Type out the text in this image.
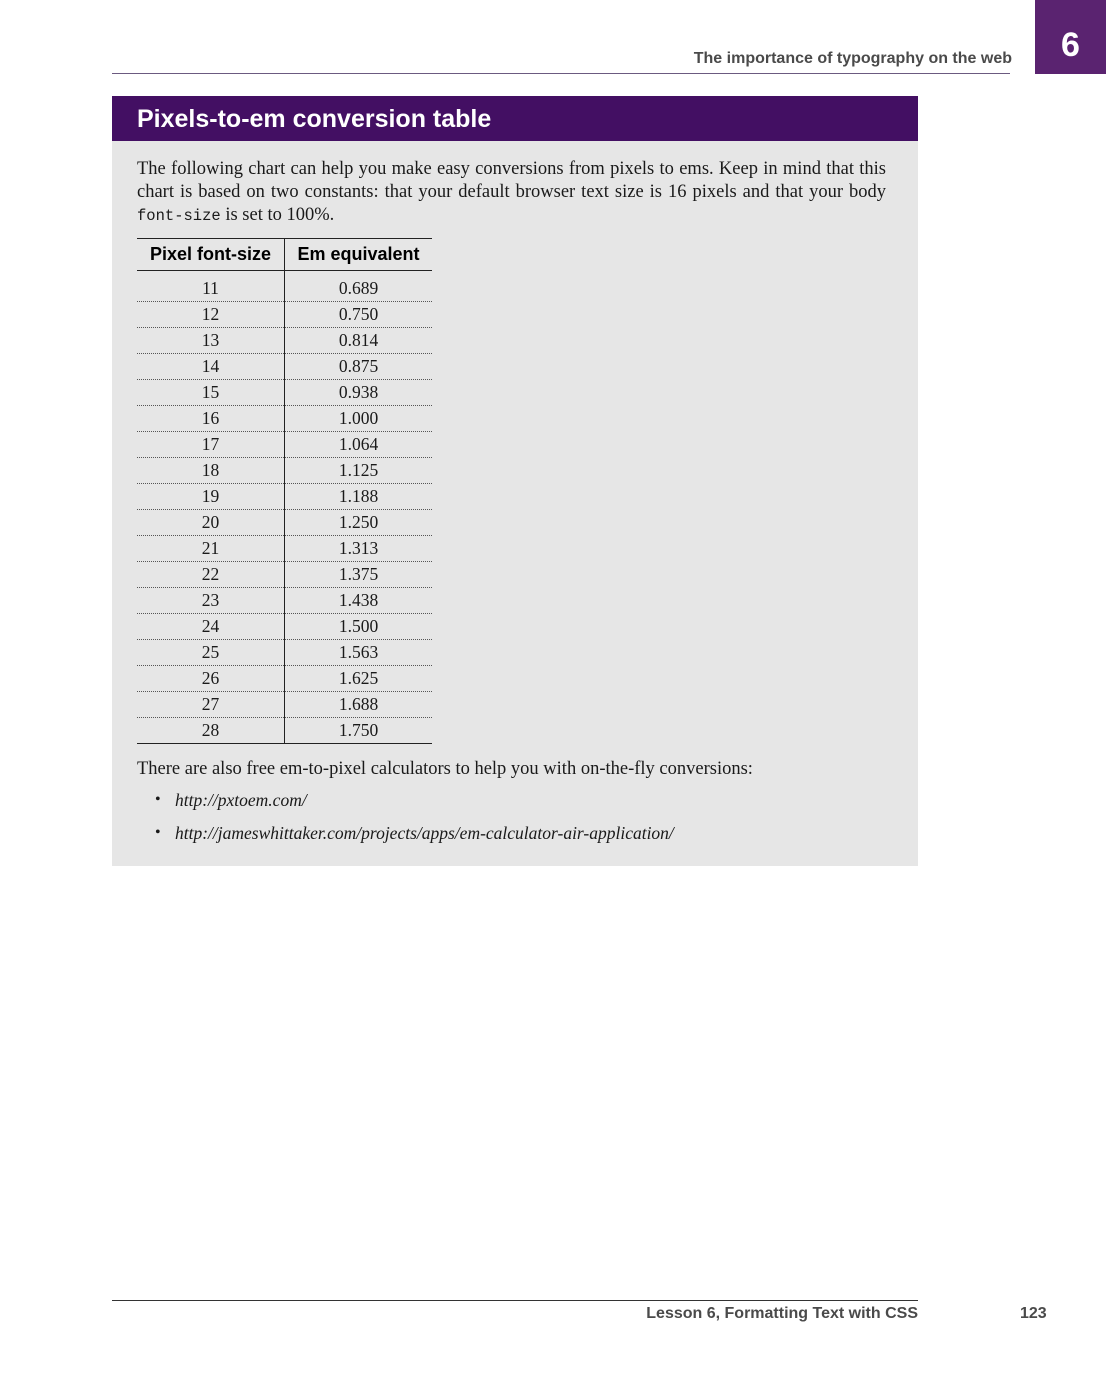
The importance of typography on the web 6
Pixels-to-em conversion table

The following chart can help you make easy conversions from pixels to ems. Keep in mind that this chart is based on two constants: that your default browser text size is 16 pixels and that your body font-size is set to 100%.

Pixel font-size	Em equivalent

11	0.689
12	0.750
13	0.814
14	0.875
15	0.938
16	1.000
17	1.064
18	1.125
19	1.188
20	1.250
21	1.313
22	1.375
23	1.438
24	1.500
25	1.563
26	1.625
27	1.688
28	1.750

There are also free em-to-pixel calculators to help you with on-the-fly conversions:

• http://pxtoem.com/
• http://jameswhittaker.com/projects/apps/em-calculator-air-application/
Lesson 6, Formatting Text with CSS	123
